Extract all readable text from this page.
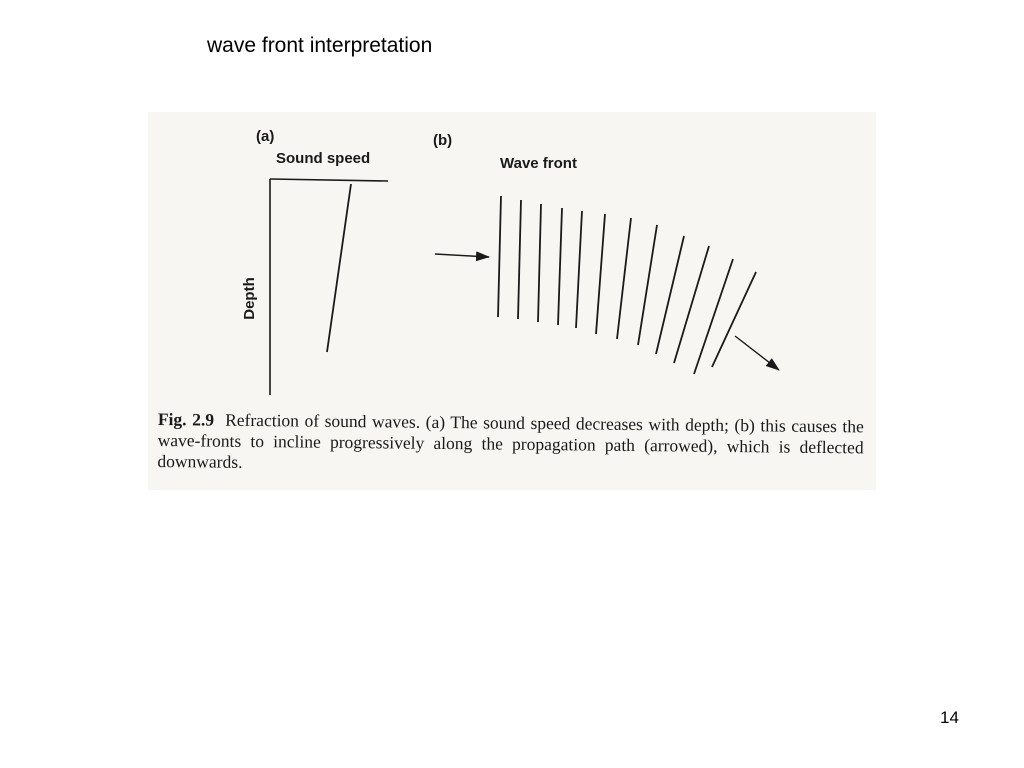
wave front interpretation
(a)	(b)
Sound speed	Wave front
Depth
Fig. 2.9 Refraction of sound waves. (a) The sound speed decreases with depth; (b) this causes the wave-fronts to incline progressively along the propagation path (arrowed), which is deflected downwards.
14
